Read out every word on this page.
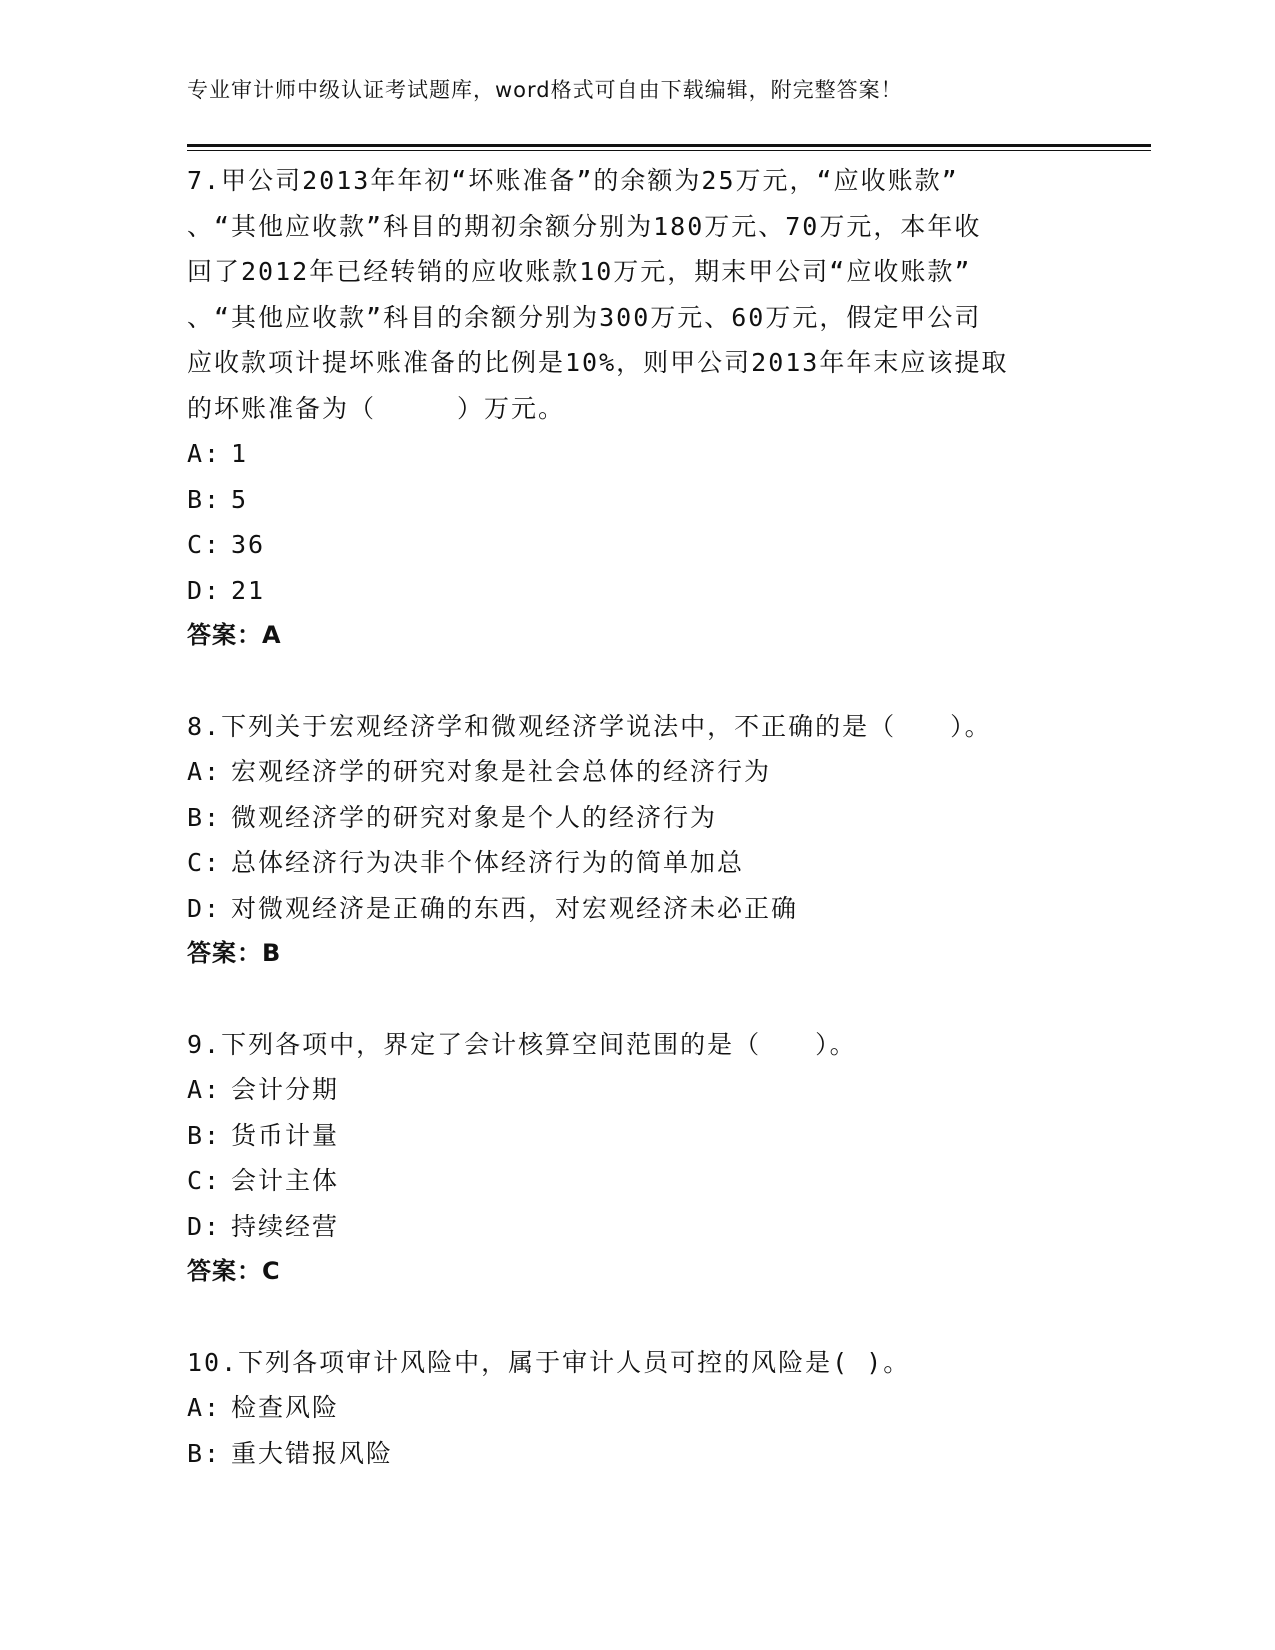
专业审计师中级认证考试题库，word格式可自由下载编辑，附完整答案！

7.甲公司2013年年初“坏账准备”的余额为25万元，“应收账款”

、“其他应收款”科目的期初余额分别为180万元、70万元，本年收

回了2012年已经转销的应收账款10万元，期末甲公司“应收账款”

、“其他应收款”科目的余额分别为300万元、60万元，假定甲公司

应收款项计提坏账准备的比例是10%，则甲公司2013年年末应该提取

的坏账准备为（　　　）万元。

A: 1

B: 5

C: 36

D: 21

答案：A

8.下列关于宏观经济学和微观经济学说法中，不正确的是（　　）。

A: 宏观经济学的研究对象是社会总体的经济行为

B: 微观经济学的研究对象是个人的经济行为

C: 总体经济行为决非个体经济行为的简单加总

D: 对微观经济是正确的东西，对宏观经济未必正确

答案：B

9.下列各项中，界定了会计核算空间范围的是（　　）。

A: 会计分期

B: 货币计量

C: 会计主体

D: 持续经营

答案：C

10.下列各项审计风险中，属于审计人员可控的风险是( )。

A: 检查风险

B: 重大错报风险
